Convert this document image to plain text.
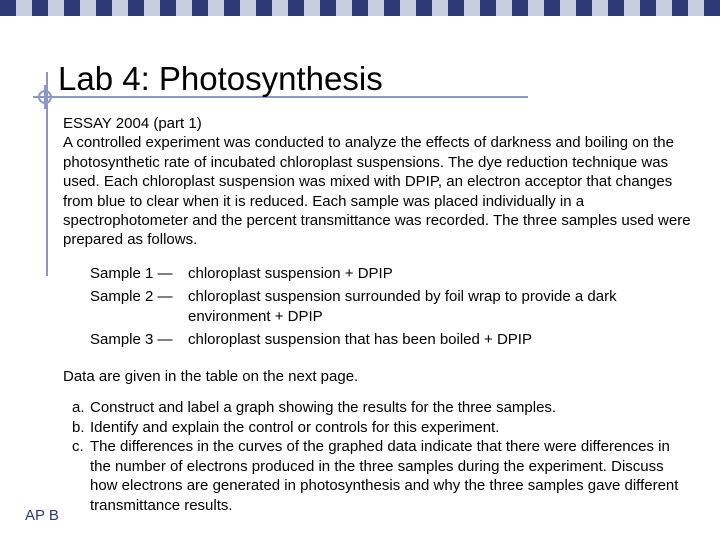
Lab 4: Photosynthesis

ESSAY 2004 (part 1)

A controlled experiment was conducted to analyze the effects of darkness and boiling on the photosynthetic rate of incubated chloroplast suspensions. The dye reduction technique was used. Each chloroplast suspension was mixed with DPIP, an electron acceptor that changes from blue to clear when it is reduced. Each sample was placed individually in a spectrophotometer and the percent transmittance was recorded. The three samples used were prepared as follows.

Sample 1 —	chloroplast suspension + DPIP
Sample 2 —	chloroplast suspension surrounded by foil wrap to provide a dark environment + DPIP
Sample 3 —	chloroplast suspension that has been boiled + DPIP
Data are given in the table on the next page.
a. Construct and label a graph showing the results for the three samples.
b. Identify and explain the control or controls for this experiment.
c. The differences in the curves of the graphed data indicate that there were differences in the number of electrons produced in the three samples during the experiment. Discuss how electrons are generated in photosynthesis and why the three samples gave different transmittance results.
AP B
